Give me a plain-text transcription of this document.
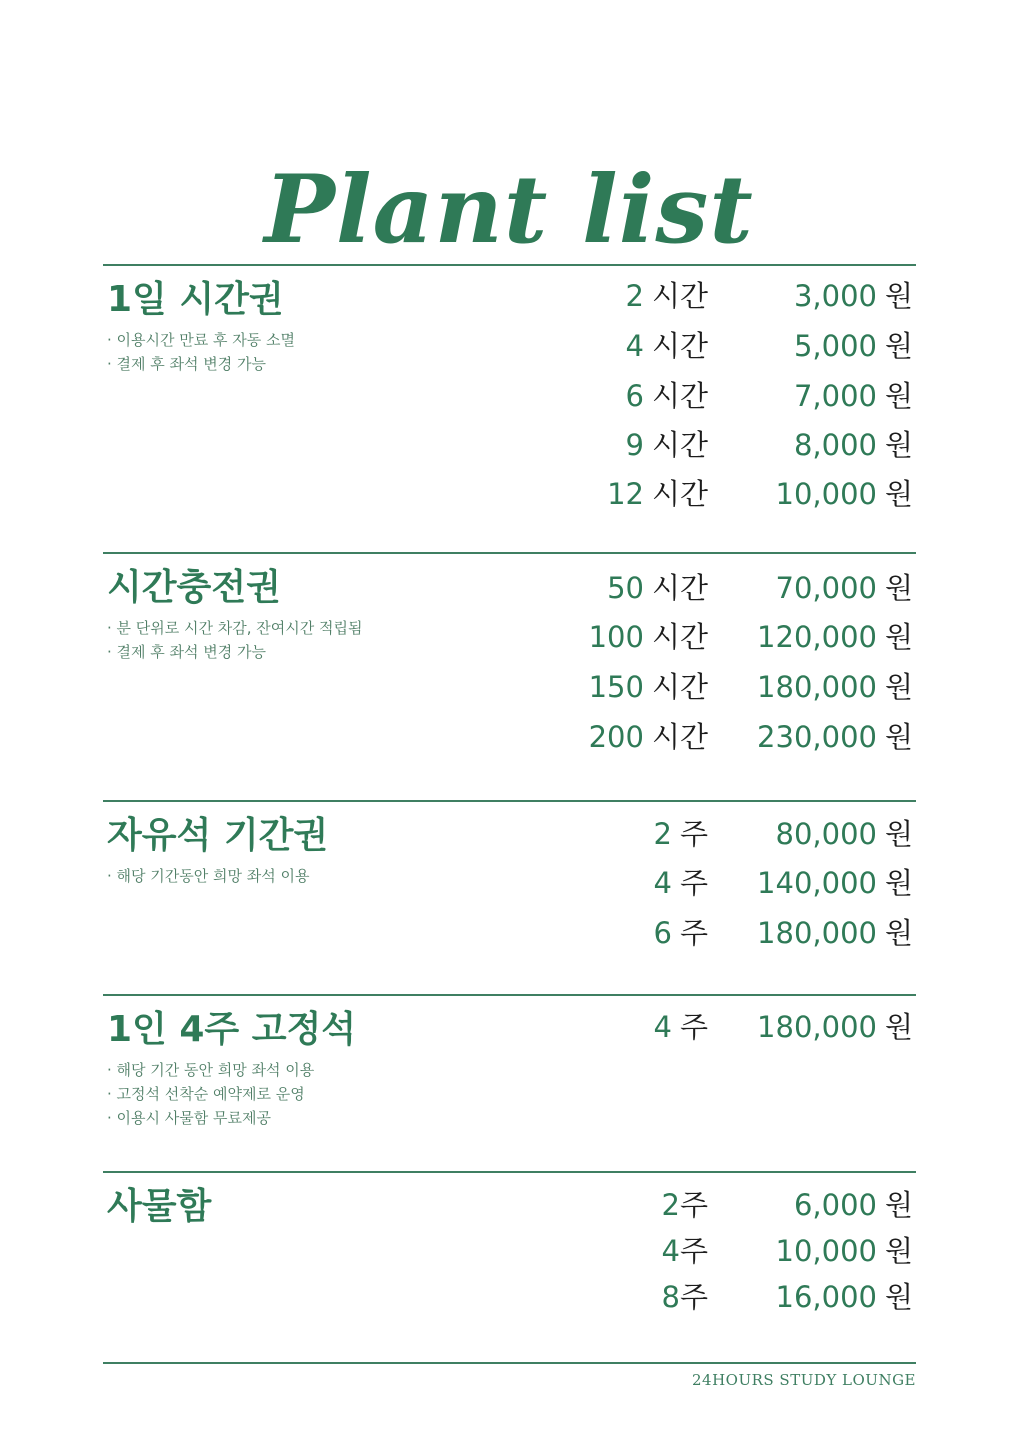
Plant list
1일 시간권
· 이용시간 만료 후 자동 소멸
· 결제 후 좌석 변경 가능
2 시간	3,000 원
4 시간	5,000 원
6 시간	7,000 원
9 시간	8,000 원
12 시간 10,000 원
시간충전권
· 분 단위로 시간 차감, 잔여시간 적립됨
· 결제 후 좌석 변경 가능
50 시간 70,000 원
100 시간 120,000 원
150 시간 180,000 원
200 시간 230,000 원
자유석 기간권
· 해당 기간동안 희망 좌석 이용
2 주 80,000 원
4 주 140,000 원
6 주 180,000 원
1인 4주 고정석
· 해당 기간 동안 희망 좌석 이용
· 고정석 선착순 예약제로 운영
· 이용시 사물함 무료제공
4 주 180,000 원
사물함	2주	6,000 원
4주 10,000 원
8주 16,000 원
24HOURS STUDY LOUNGE
